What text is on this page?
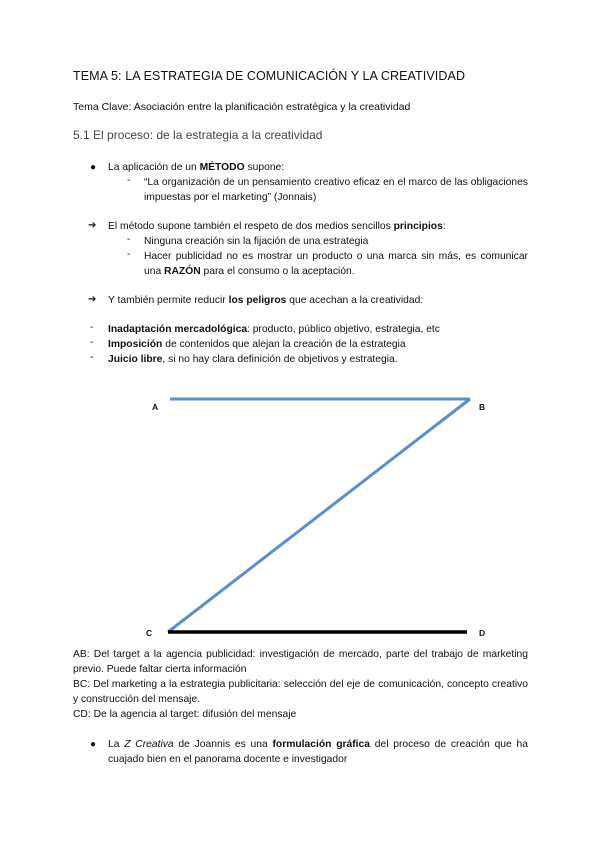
TEMA 5: LA ESTRATEGIA DE COMUNICACIÓN Y LA CREATIVIDAD
Tema Clave: Asociación entre la planificación estratégica y la creatividad
5.1 El proceso: de la estrategia a la creatividad
● La aplicación de un MÉTODO supone:
- “La organización de un pensamiento creativo eficaz en el marco de las obligaciones impuestas por el marketing” (Jonnais)
➔ El método supone también el respeto de dos medios sencillos principios:
- Ninguna creación sin la fijación de una estrategia
- Hacer publicidad no es mostrar un producto o una marca sin más, es comunicar una RAZÓN para el consumo o la aceptación.
➔ Y también permite reducir los peligros que acechan a la creatividad:
- Inadaptación mercadológica: producto, público objetivo, estrategia, etc
- Imposición de contenidos que alejan la creación de la estrategia
- Juicio libre, si no hay clara definición de objetivos y estrategia.
A	B
C	D
AB: Del target a la agencia publicidad: investigación de mercado, parte del trabajo de marketing previo. Puede faltar cierta información
BC: Del marketing a la estrategia publicitaria: selección del eje de comunicación, concepto creativo y construcción del mensaje.
CD: De la agencia al target: difusión del mensaje
● La Z Creativa de Joannis es una formulación gráfica del proceso de creación que ha cuajado bien en el panorama docente e investigador
